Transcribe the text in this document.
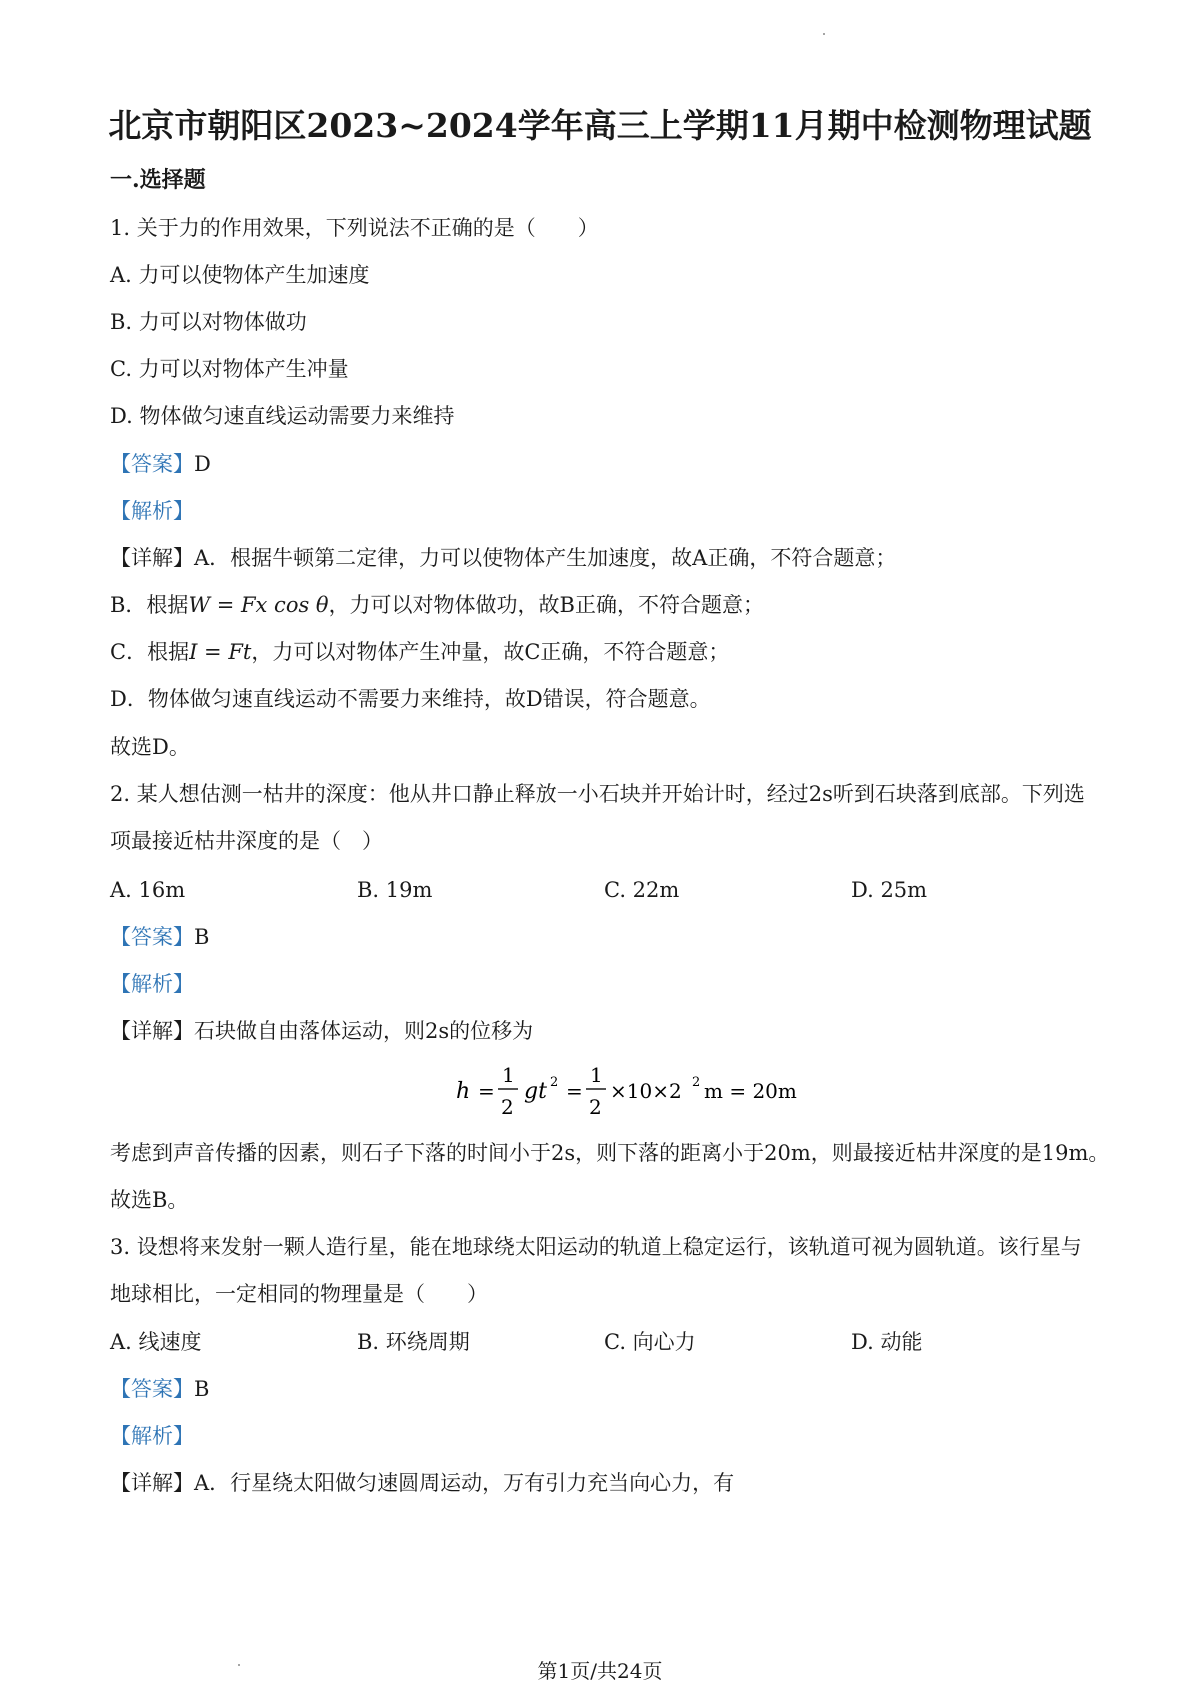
北京市朝阳区2023~2024学年高三上学期11月期中检测物理试题
一.选择题
1. 关于力的作用效果，下列说法不正确的是（　　）
A. 力可以使物体产生加速度
B. 力可以对物体做功
C. 力可以对物体产生冲量
D. 物体做匀速直线运动需要力来维持
【答案】D
【解析】
【详解】A．根据牛顿第二定律，力可以使物体产生加速度，故A正确，不符合题意；
B．根据W = Fx cos θ，力可以对物体做功，故B正确，不符合题意；
C．根据I = Ft，力可以对物体产生冲量，故C正确，不符合题意；
D．物体做匀速直线运动不需要力来维持，故D错误，符合题意。
故选D。
2. 某人想估测一枯井的深度：他从井口静止释放一小石块并开始计时，经过2s听到石块落到底部。下列选
项最接近枯井深度的是（　）
A. 16m	B. 19m	C. 22m	D. 25m
【答案】B
【解析】
【详解】石块做自由落体运动，则2s的位移为
h =
1
2
gt 2 =
1
2
×10×2 2 m = 20m
考虑到声音传播的因素，则石子下落的时间小于2s，则下落的距离小于20m，则最接近枯井深度的是19m。
故选B。
3. 设想将来发射一颗人造行星，能在地球绕太阳运动的轨道上稳定运行，该轨道可视为圆轨道。该行星与
地球相比，一定相同的物理量是（　　）
A. 线速度	B. 环绕周期	C. 向心力	D. 动能
【答案】B
【解析】
【详解】A．行星绕太阳做匀速圆周运动，万有引力充当向心力，有
第1页/共24页
